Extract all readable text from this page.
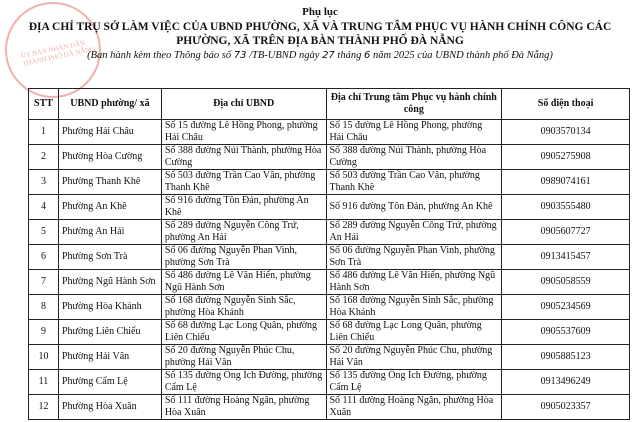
ỦY BAN NHÂN DÂN THÀNH PHỐ ĐÀ NẴNG
Phụ lục
ĐỊA CHỈ TRỤ SỞ LÀM VIỆC CỦA UBND PHƯỜNG, XÃ VÀ TRUNG TÂM PHỤC VỤ HÀNH CHÍNH CÔNG CÁC
PHƯỜNG, XÃ TRÊN ĐỊA BÀN THÀNH PHỐ ĐÀ NẴNG
(Ban hành kèm theo Thông báo số 73 /TB-UBND ngày 27 tháng 6 năm 2025 của UBND thành phố Đà Nẵng)
STT	UBND phường/ xã	Địa chỉ UBND	Địa chỉ Trung tâm Phục vụ hành chính công	Số điện thoại
1	Phường Hải Châu	Số 15 đường Lê Hồng Phong, phường Hải Châu	Số 15 đường Lê Hồng Phong, phường Hải Châu	0903570134
2	Phường Hòa Cường	Số 388 đường Núi Thành, phường Hòa Cường	Số 388 đường Núi Thành, phường Hòa Cường	0905275908
3	Phường Thanh Khê	Số 503 đường Trần Cao Vân, phường Thanh Khê	Số 503 đường Trần Cao Vân, phường Thanh Khê	0989074161
4	Phường An Khê	Số 916 đường Tôn Đản, phường An Khê	Số 916 đường Tôn Đản, phường An Khê	0903555480
5	Phường An Hải	Số 289 đường Nguyễn Công Trứ, phường An Hải	Số 289 đường Nguyễn Công Trứ, phường An Hải	0905607727
6	Phường Sơn Trà	Số 06 đường Nguyễn Phan Vinh, phường Sơn Trà	Số 06 đường Nguyễn Phan Vinh, phường Sơn Trà	0913415457
7	Phường Ngũ Hành Sơn	Số 486 đường Lê Văn Hiến, phường Ngũ Hành Sơn	Số 486 đường Lê Văn Hiến, phường Ngũ Hành Sơn	0905058559
8	Phường Hòa Khánh	Số 168 đường Nguyễn Sinh Sắc, phường Hòa Khánh	Số 168 đường Nguyễn Sinh Sắc, phường Hòa Khánh	0905234569
9	Phường Liên Chiểu	Số 68 đường Lạc Long Quân, phường Liên Chiểu	Số 68 đường Lạc Long Quân, phường Liên Chiểu	0905537609
10	Phường Hải Vân	Số 20 đường Nguyễn Phúc Chu, phường Hải Vân	Số 20 đường Nguyễn Phúc Chu, phường Hải Vân	0905885123
11	Phường Cẩm Lệ	Số 135 đường Ông Ích Đường, phường Cẩm Lệ	Số 135 đường Ông Ích Đường, phường Cẩm Lệ	0913496249
12	Phường Hòa Xuân	Số 111 đường Hoàng Ngân, phường Hòa Xuân	Số 111 đường Hoàng Ngân, phường Hòa Xuân	0905023357
